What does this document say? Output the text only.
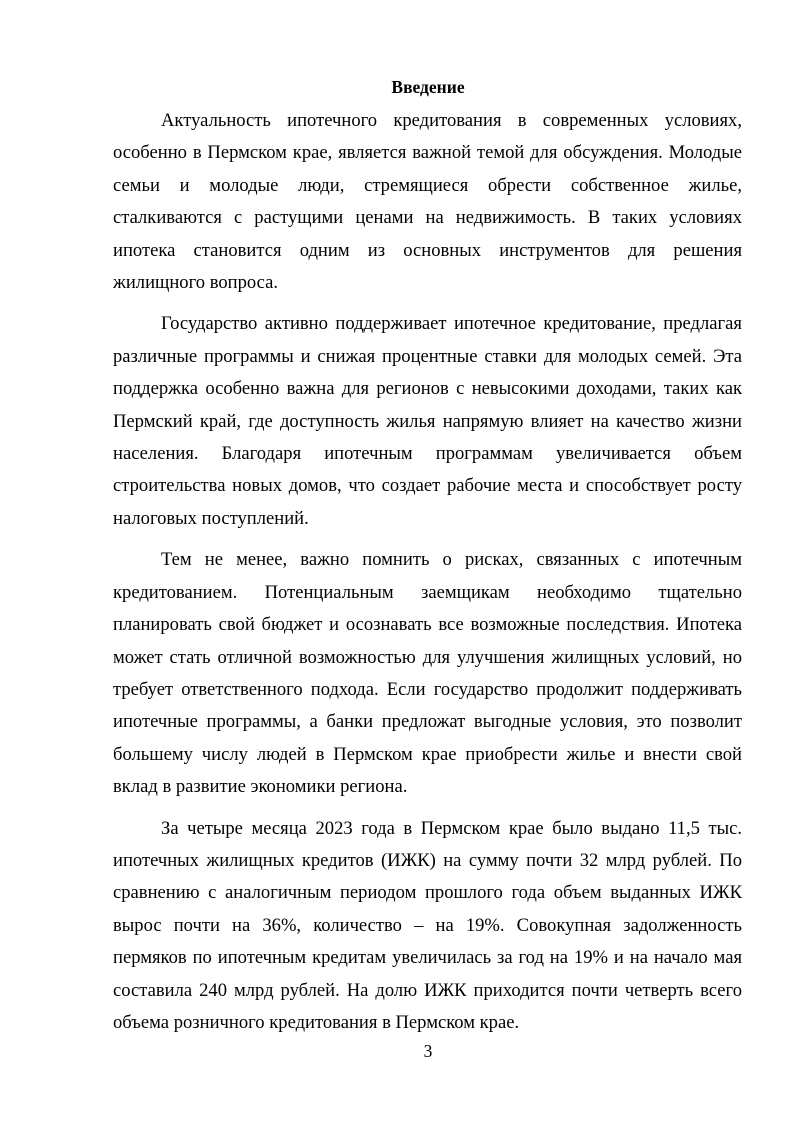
Введение

Актуальность ипотечного кредитования в современных условиях, особенно в Пермском крае, является важной темой для обсуждения. Молодые семьи и молодые люди, стремящиеся обрести собственное жилье, сталкиваются с растущими ценами на недвижимость. В таких условиях ипотека становится одним из основных инструментов для решения жилищного вопроса.

Государство активно поддерживает ипотечное кредитование, предлагая различные программы и снижая процентные ставки для молодых семей. Эта поддержка особенно важна для регионов с невысокими доходами, таких как Пермский край, где доступность жилья напрямую влияет на качество жизни населения. Благодаря ипотечным программам увеличивается объем строительства новых домов, что создает рабочие места и способствует росту налоговых поступлений.

Тем не менее, важно помнить о рисках, связанных с ипотечным кредитованием. Потенциальным заемщикам необходимо тщательно планировать свой бюджет и осознавать все возможные последствия. Ипотека может стать отличной возможностью для улучшения жилищных условий, но требует ответственного подхода. Если государство продолжит поддерживать ипотечные программы, а банки предложат выгодные условия, это позволит большему числу людей в Пермском крае приобрести жилье и внести свой вклад в развитие экономики региона.

За четыре месяца 2023 года в Пермском крае было выдано 11,5 тыс. ипотечных жилищных кредитов (ИЖК) на сумму почти 32 млрд рублей. По сравнению с аналогичным периодом прошлого года объем выданных ИЖК вырос почти на 36%, количество – на 19%. Совокупная задолженность пермяков по ипотечным кредитам увеличилась за год на 19% и на начало мая составила 240 млрд рублей. На долю ИЖК приходится почти четверть всего объема розничного кредитования в Пермском крае.

3
